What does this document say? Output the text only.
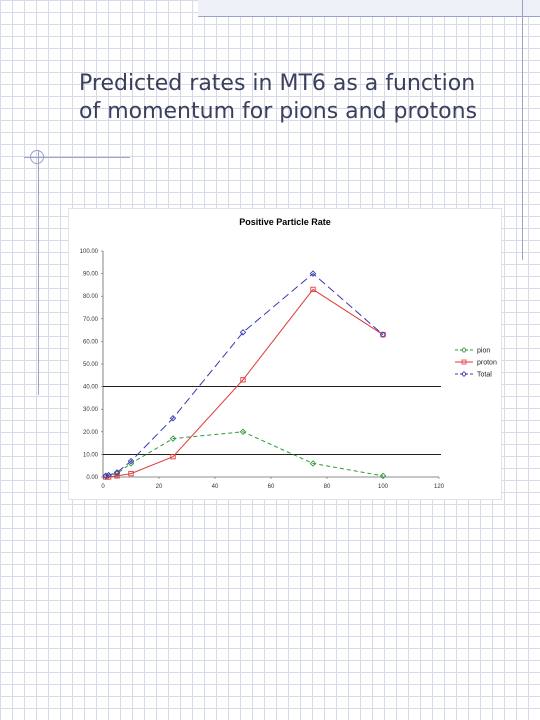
Predicted rates in MT6 as a function
of momentum for pions and protons
Positive Particle Rate
0.00
10.00
20.00
30.00
40.00
50.00
60.00
70.00
80.00
90.00
100.00
0	20	40	60	80	100	120
pion
proton
Total
